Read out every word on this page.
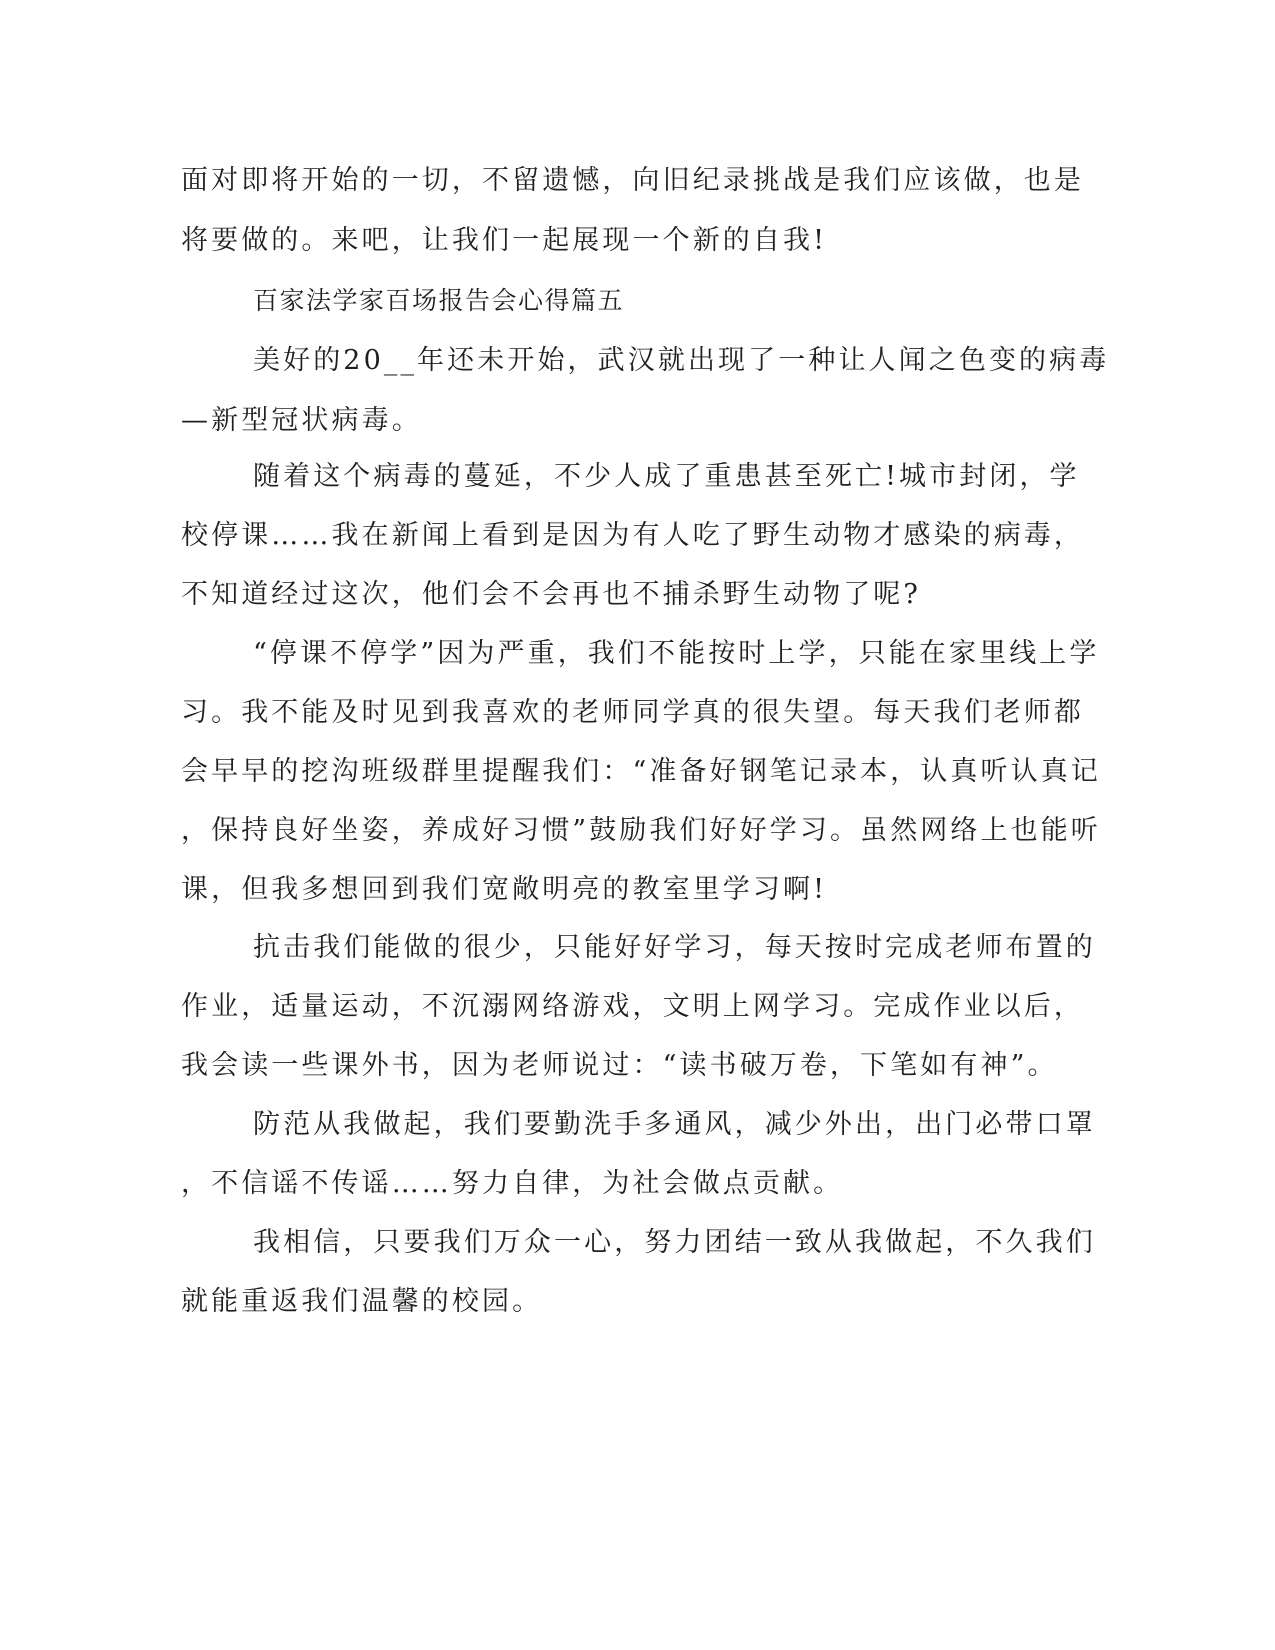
面对即将开始的一切，不留遗憾，向旧纪录挑战是我们应该做，也是

将要做的。来吧，让我们一起展现一个新的自我!

百家法学家百场报告会心得篇五

美好的20__年还未开始，武汉就出现了一种让人闻之色变的病毒

—新型冠状病毒。

随着这个病毒的蔓延，不少人成了重患甚至死亡!城市封闭，学

校停课……我在新闻上看到是因为有人吃了野生动物才感染的病毒，

不知道经过这次，他们会不会再也不捕杀野生动物了呢?

“停课不停学”因为严重，我们不能按时上学，只能在家里线上学

习。我不能及时见到我喜欢的老师同学真的很失望。每天我们老师都

会早早的挖沟班级群里提醒我们：“准备好钢笔记录本，认真听认真记

，保持良好坐姿，养成好习惯”鼓励我们好好学习。虽然网络上也能听

课，但我多想回到我们宽敞明亮的教室里学习啊!

抗击我们能做的很少，只能好好学习，每天按时完成老师布置的

作业，适量运动，不沉溺网络游戏，文明上网学习。完成作业以后，

我会读一些课外书，因为老师说过：“读书破万卷，下笔如有神”。

防范从我做起，我们要勤洗手多通风，减少外出，出门必带口罩

，不信谣不传谣……努力自律，为社会做点贡献。

我相信，只要我们万众一心，努力团结一致从我做起，不久我们

就能重返我们温馨的校园。
